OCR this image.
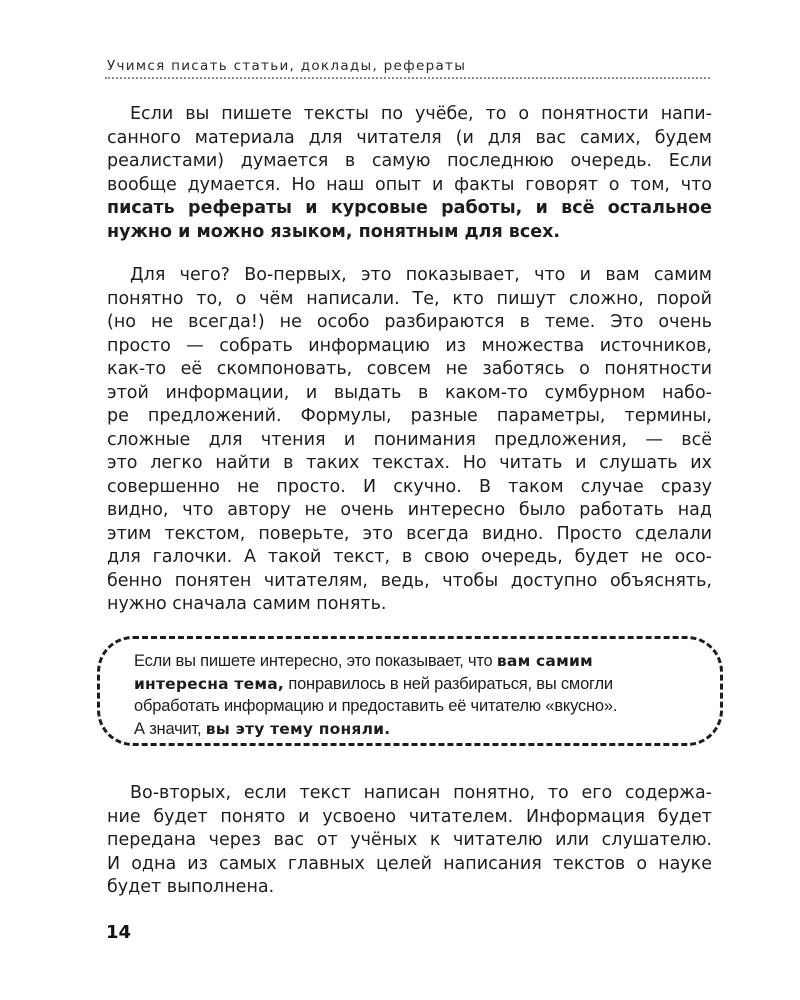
Учимся писать статьи, доклады, рефераты

Если вы пишете тексты по учёбе, то о понятности напи-
санного материала для читателя (и для вас самих, будем
реалистами) думается в самую последнюю очередь. Если
вообще думается. Но наш опыт и факты говорят о том, что
писать рефераты и курсовые работы, и всё остальное
нужно и можно языком, понятным для всех.

Для чего? Во-первых, это показывает, что и вам самим
понятно то, о чём написали. Те, кто пишут сложно, порой
(но не всегда!) не особо разбираются в теме. Это очень
просто — собрать информацию из множества источников,
как-то её скомпоновать, совсем не заботясь о понятности
этой информации, и выдать в каком-то сумбурном набо-
ре предложений. Формулы, разные параметры, термины,
сложные для чтения и понимания предложения, — всё
это легко найти в таких текстах. Но читать и слушать их
совершенно не просто. И скучно. В таком случае сразу
видно, что автору не очень интересно было работать над
этим текстом, поверьте, это всегда видно. Просто сделали
для галочки. А такой текст, в свою очередь, будет не осо-
бенно понятен читателям, ведь, чтобы доступно объяснять,
нужно сначала самим понять.

Если вы пишете интересно, это показывает, что вам самим
интересна тема, понравилось в ней разбираться, вы смогли
обработать информацию и предоставить её читателю «вкусно».
А значит, вы эту тему поняли.

Во-вторых, если текст написан понятно, то его содержа-
ние будет понято и усвоено читателем. Информация будет
передана через вас от учёных к читателю или слушателю.
И одна из самых главных целей написания текстов о науке
будет выполнена.

14
